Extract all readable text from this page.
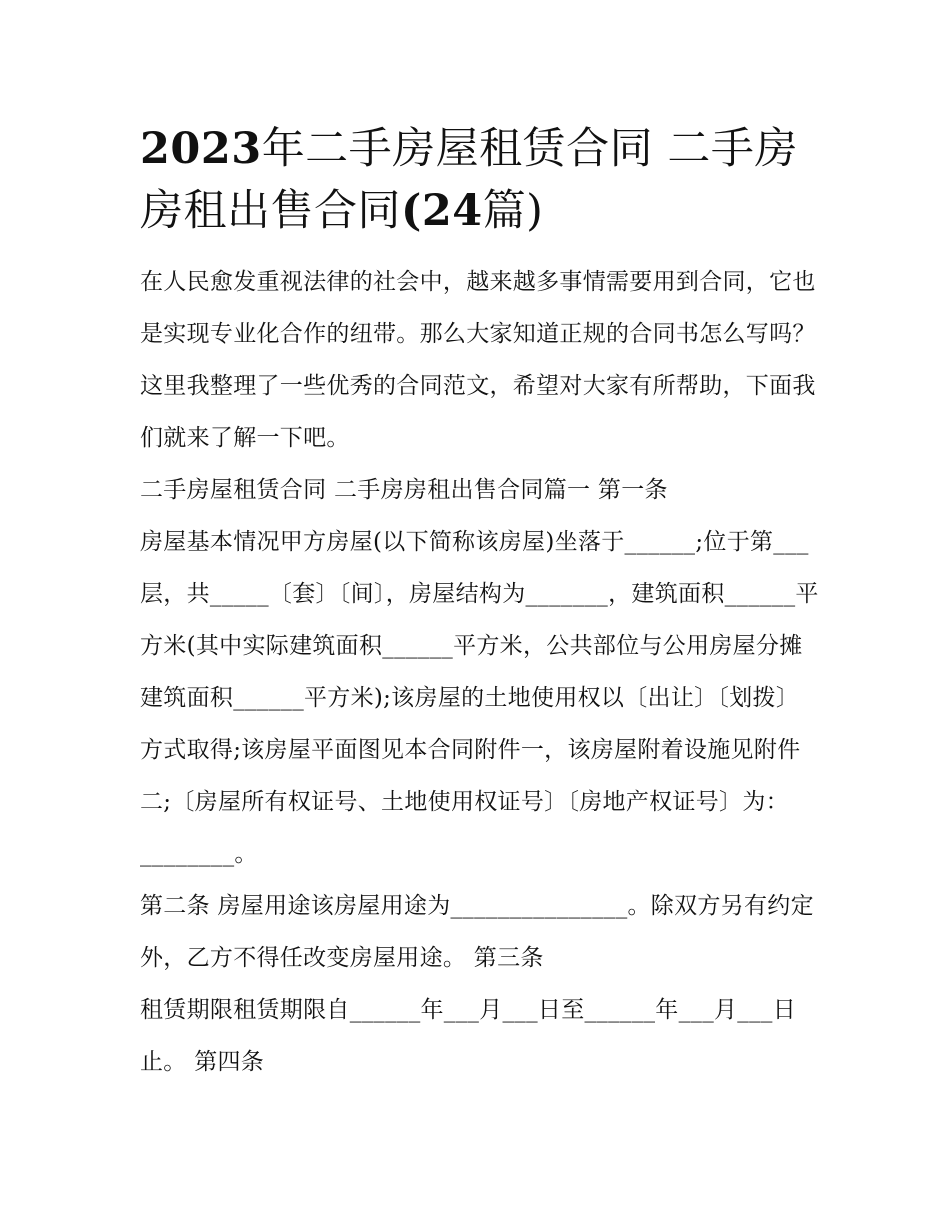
2023年二手房屋租赁合同 二手房房租出售合同(24篇)

在人民愈发重视法律的社会中，越来越多事情需要用到合同，它也是实现专业化合作的纽带。那么大家知道正规的合同书怎么写吗？这里我整理了一些优秀的合同范文，希望对大家有所帮助，下面我们就来了解一下吧。

二手房屋租赁合同 二手房房租出售合同篇一 第一条

房屋基本情况甲方房屋(以下简称该房屋)坐落于______;位于第___层，共_____〔套〕〔间〕，房屋结构为_______，建筑面积______平方米(其中实际建筑面积______平方米，公共部位与公用房屋分摊建筑面积______平方米);该房屋的土地使用权以〔出让〕〔划拨〕方式取得;该房屋平面图见本合同附件一，该房屋附着设施见附件二;〔房屋所有权证号、土地使用权证号〕〔房地产权证号〕为：________。

第二条 房屋用途该房屋用途为_______________。除双方另有约定外，乙方不得任改变房屋用途。 第三条

租赁期限租赁期限自______年___月___日至______年___月___日止。 第四条
